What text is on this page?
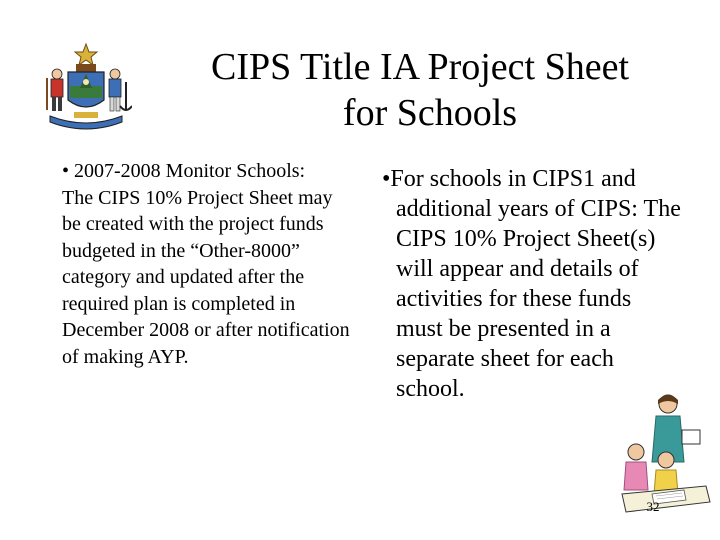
CIPS Title IA Project Sheet
for Schools

• 2007-2008 Monitor Schools:

The CIPS 10% Project Sheet may be created with the project funds budgeted in the “Other-8000” category and updated after the required plan is completed in December 2008 or after notification of making AYP.

•For schools in CIPS1 and additional years of CIPS: The CIPS 10% Project Sheet(s) will appear and details of activities for these funds must be presented in a separate sheet for each school.
32
